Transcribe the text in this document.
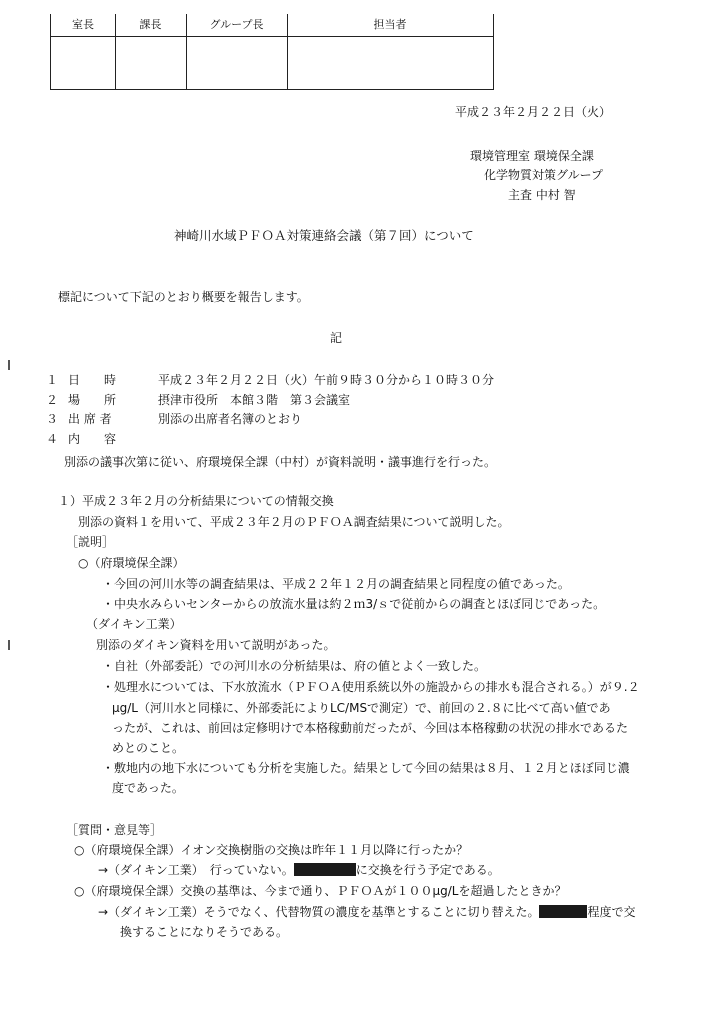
室長	課長	グループ長	担当者
平成２３年２月２２日（火）
環境管理室 環境保全課
化学物質対策グループ
主査 中村 智
神崎川水域ＰＦＯＡ対策連絡会議（第７回）について
標記について下記のとおり概要を報告します。
記
１ 日　　時	平成２３年２月２２日（火）午前９時３０分から１０時３０分
２ 場　　所	摂津市役所　本館３階　第３会議室
３ 出 席 者	別添の出席者名簿のとおり
４ 内　　容
別添の議事次第に従い、府環境保全課（中村）が資料説明・議事進行を行った。
１）平成２３年２月の分析結果についての情報交換
別添の資料１を用いて、平成２３年２月のＰＦＯＡ調査結果について説明した。
［説明］
○（府環境保全課）
・今回の河川水等の調査結果は、平成２２年１２月の調査結果と同程度の値であった。
・中央水みらいセンターからの放流水量は約２ｍ3/ｓで従前からの調査とほぼ同じであった。
（ダイキン工業）
別添のダイキン資料を用いて説明があった。
・自社（外部委託）での河川水の分析結果は、府の値とよく一致した。
・処理水については、下水放流水（ＰＦＯＡ使用系統以外の施設からの排水も混合される。）が９.２
μg/L（河川水と同様に、外部委託によりLC/MSで測定）で、前回の２.８に比べて高い値であ
ったが、これは、前回は定修明けで本格稼動前だったが、今回は本格稼動の状況の排水であるた
めとのこと。
・敷地内の地下水についても分析を実施した。結果として今回の結果は８月、１２月とほぼ同じ濃
度であった。
［質問・意見等］
○（府環境保全課）イオン交換樹脂の交換は昨年１１月以降に行ったか？
→（ダイキン工業）　行っていない。	に交換を行う予定である。
○（府環境保全課）交換の基準は、今まで通り、ＰＦＯＡが１００μg/Lを超過したときか？
→（ダイキン工業）そうでなく、代替物質の濃度を基準とすることに切り替えた。	程度で交
換することになりそうである。
